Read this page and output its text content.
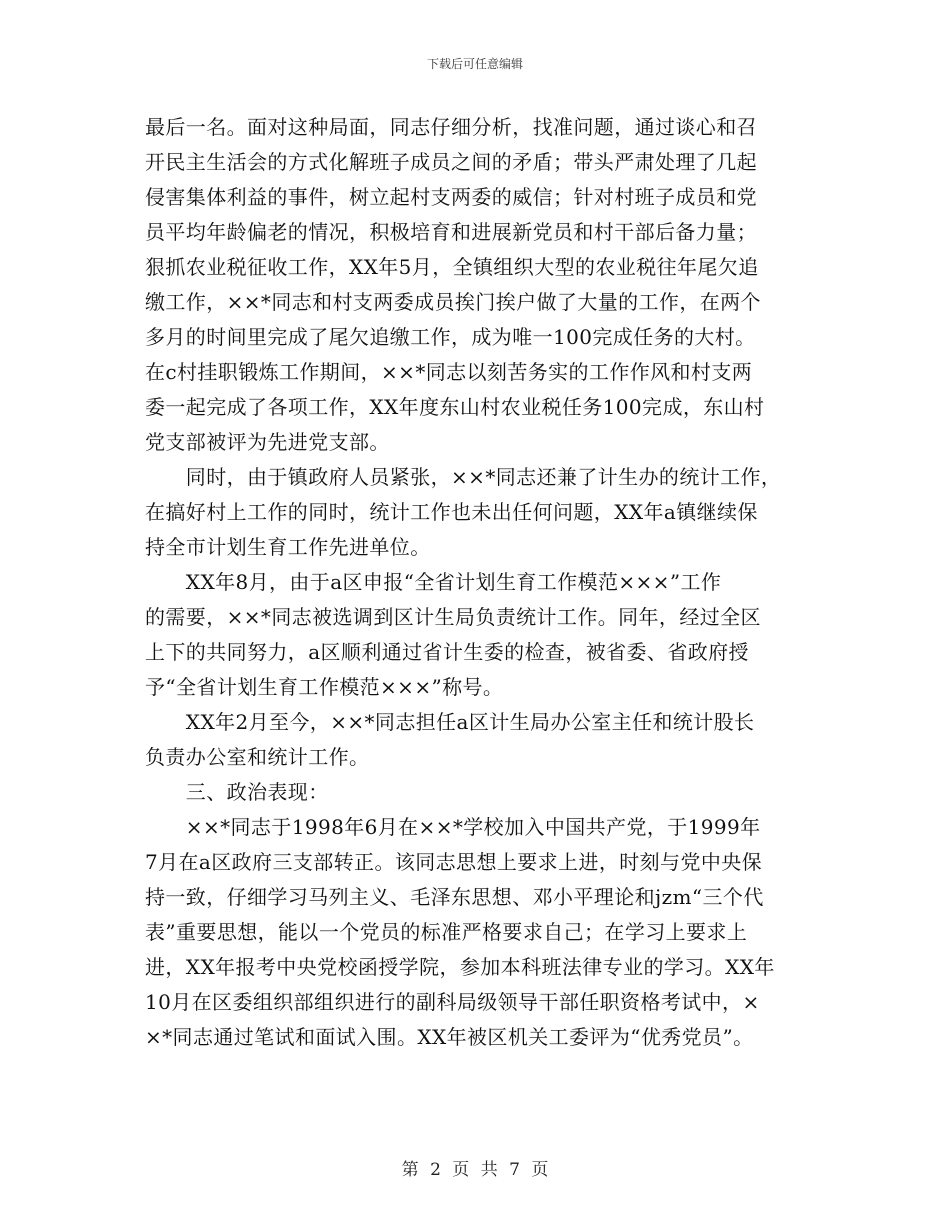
下载后可任意编辑
最后一名。面对这种局面，同志仔细分析，找准问题，通过谈心和召
开民主生活会的方式化解班子成员之间的矛盾；带头严肃处理了几起
侵害集体利益的事件，树立起村支两委的威信；针对村班子成员和党
员平均年龄偏老的情况，积极培育和进展新党员和村干部后备力量；
狠抓农业税征收工作，XX年5月，全镇组织大型的农业税往年尾欠追
缴工作，××*同志和村支两委成员挨门挨户做了大量的工作，在两个
多月的时间里完成了尾欠追缴工作，成为唯一100完成任务的大村。
在c村挂职锻炼工作期间，××*同志以刻苦务实的工作作风和村支两
委一起完成了各项工作，XX年度东山村农业税任务100完成，东山村
党支部被评为先进党支部。
　　同时，由于镇政府人员紧张，××*同志还兼了计生办的统计工作，
在搞好村上工作的同时，统计工作也未出任何问题，XX年a镇继续保
持全市计划生育工作先进单位。
　　XX年8月，由于a区申报“全省计划生育工作模范×××”工作
的需要，××*同志被选调到区计生局负责统计工作。同年，经过全区
上下的共同努力，a区顺利通过省计生委的检查，被省委、省政府授
予“全省计划生育工作模范×××”称号。
　　XX年2月至今，××*同志担任a区计生局办公室主任和统计股长
负责办公室和统计工作。
　　三、政治表现：
　　××*同志于1998年6月在××*学校加入中国共产党，于1999年
7月在a区政府三支部转正。该同志思想上要求上进，时刻与党中央保
持一致，仔细学习马列主义、毛泽东思想、邓小平理论和jzm“三个代
表”重要思想，能以一个党员的标准严格要求自己；在学习上要求上
进，XX年报考中央党校函授学院，参加本科班法律专业的学习。XX年
10月在区委组织部组织进行的副科局级领导干部任职资格考试中，×
×*同志通过笔试和面试入围。XX年被区机关工委评为“优秀党员”。
第 2 页 共 7 页
